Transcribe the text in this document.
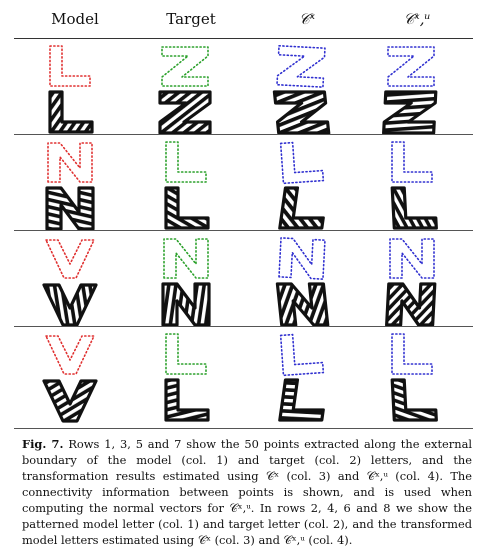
Model	Target	𝒞ˣ	𝒞ˣ,ᵘ
Fig. 7. Rows 1, 3, 5 and 7 show the 50 points extracted along the external boundary of the model (col. 1) and target (col. 2) letters, and the transformation results estimated using 𝒞ˣ (col. 3) and 𝒞ˣ,ᵘ (col. 4). The connectivity information between points is shown, and is used when computing the normal vectors for 𝒞ˣ,ᵘ. In rows 2, 4, 6 and 8 we show the patterned model letter (col. 1) and target letter (col. 2), and the transformed model letters estimated using 𝒞ˣ (col. 3) and 𝒞ˣ,ᵘ (col. 4).
